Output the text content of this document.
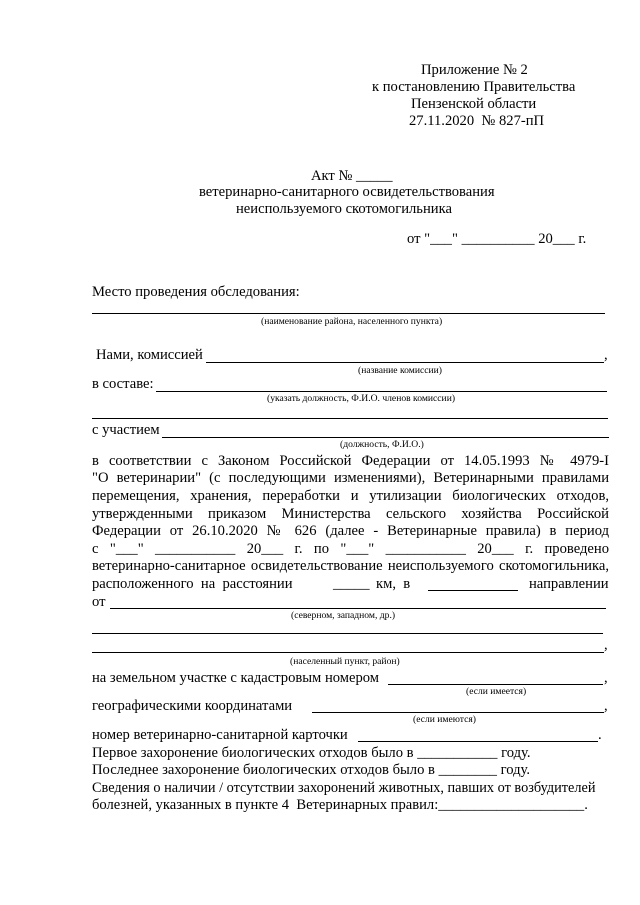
Приложение № 2
к постановлению Правительства
Пензенской области
27.11.2020  № 827-пП
Акт № _____
ветеринарно-санитарного освидетельствования
неиспользуемого скотомогильника
от "___" __________ 20___ г.
Место проведения обследования:
(наименование района, населенного пункта)
Нами, комиссией	,
(название комиссии)
в составе:
(указать должность, Ф.И.О. членов комиссии)
с участием
(должность, Ф.И.О.)
в соответствии с Законом Российской Федерации от 14.05.1993 № 4979-I
"О ветеринарии" (с последующими изменениями), Ветеринарными правилами
перемещения, хранения, переработки и утилизации биологических отходов,
утвержденными приказом Министерства сельского хозяйства Российской
Федерации от 26.10.2020 № 626 (далее - Ветеринарные правила) в период
с "___" ___________ 20___ г. по "___" ___________ 20___ г. проведено
ветеринарно-санитарное освидетельствование неиспользуемого скотомогильника,
расположенного  на  расстоянии	_____ км,  в	направлении
от
(северном, западном, др.)
,
(населенный пункт, район)
на земельном участке с кадастровым номером	,
(если имеется)
географическими координатами	,
(если имеются)
номер ветеринарно-санитарной карточки	.
Первое захоронение биологических отходов было в ___________ году.
Последнее захоронение биологических отходов было в ________ году.
Сведения о наличии / отсутствии захоронений животных, павших от возбудителей
болезней, указанных в пункте 4  Ветеринарных правил:____________________.
